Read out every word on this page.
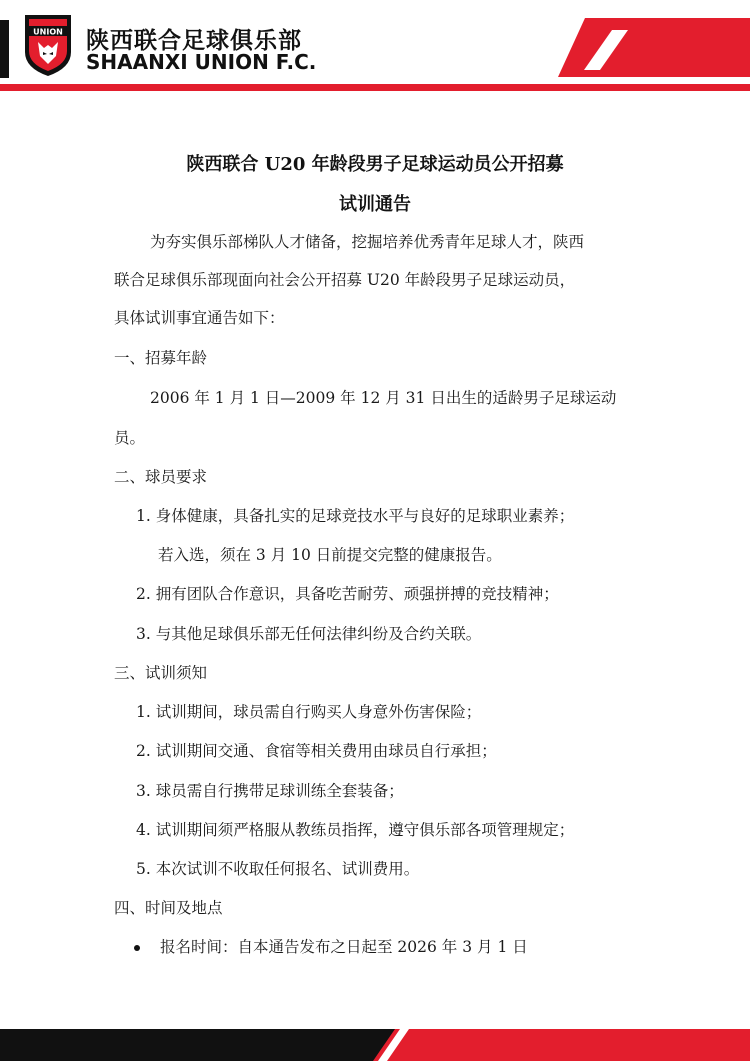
UNION 陕西联合足球俱乐部
SHAANXI UNION F.C.
陕西联合 U20 年龄段男子足球运动员公开招募
试训通告
为夯实俱乐部梯队人才储备，挖掘培养优秀青年足球人才，陕西
联合足球俱乐部现面向社会公开招募 U20 年龄段男子足球运动员，
具体试训事宜通告如下：
一、招募年龄
2006 年 1 月 1 日—2009 年 12 月 31 日出生的适龄男子足球运动
员。
二、球员要求
1. 身体健康，具备扎实的足球竞技水平与良好的足球职业素养；
若入选，须在 3 月 10 日前提交完整的健康报告。
2. 拥有团队合作意识，具备吃苦耐劳、顽强拼搏的竞技精神；
3. 与其他足球俱乐部无任何法律纠纷及合约关联。
三、试训须知
1. 试训期间，球员需自行购买人身意外伤害保险；
2. 试训期间交通、食宿等相关费用由球员自行承担；
3. 球员需自行携带足球训练全套装备；
4. 试训期间须严格服从教练员指挥，遵守俱乐部各项管理规定；
5. 本次试训不收取任何报名、试训费用。
四、时间及地点
报名时间：自本通告发布之日起至 2026 年 3 月 1 日
